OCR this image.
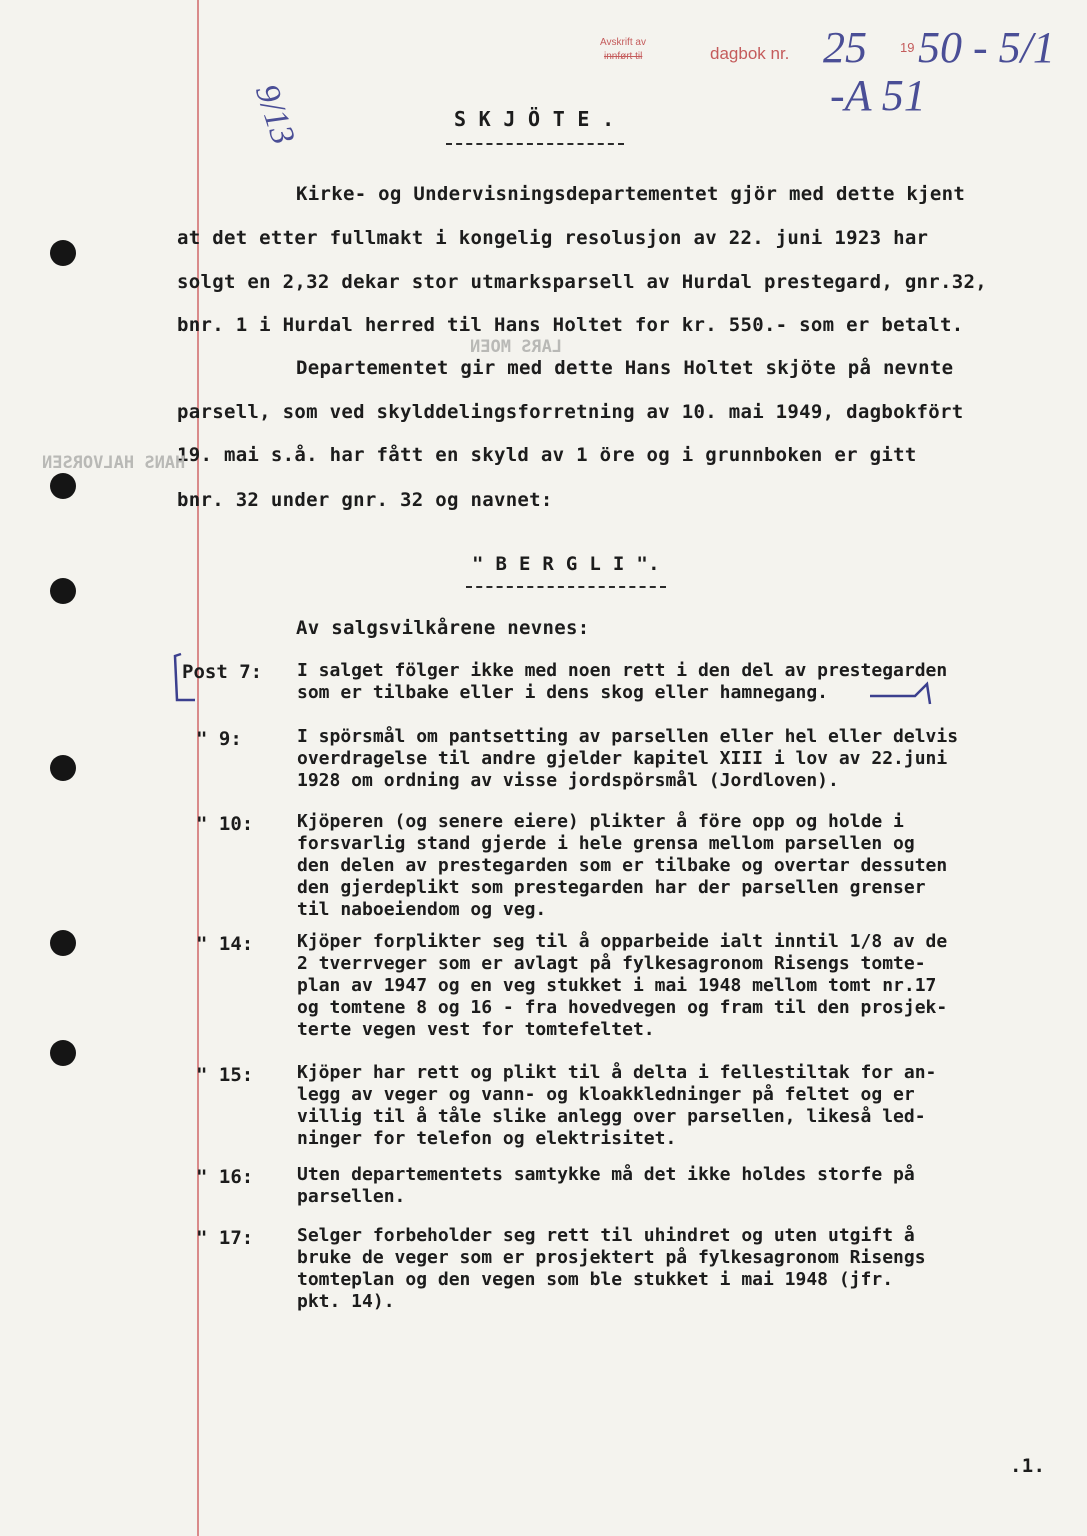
Avskrift av
innført til	dagbok nr.	19
25 50 - 5/1
-A 51
9/13	S K J Ö T E .
Kirke- og Undervisningsdepartementet gjör med dette kjent
at det etter fullmakt i kongelig resolusjon av 22. juni 1923 har
solgt en 2,32 dekar stor utmarksparsell av Hurdal prestegard, gnr.32,
bnr. 1 i Hurdal herred til Hans Holtet for kr. 550.- som er betalt.
Departementet gir med dette Hans Holtet skjöte på nevnte
parsell, som ved skylddelingsforretning av 10. mai 1949, dagbokfört
19. mai s.å. har fått en skyld av 1 öre og i grunnboken er gitt
bnr. 32 under gnr. 32 og navnet:
LARS MOEN
HANS HALVORSEN
" B E R G L I ".
Av salgsvilkårene nevnes:
Post 7: I salget fölger ikke med noen rett i den del av prestegarden
som er tilbake eller i dens skog eller hamnegang.
" 9:	I spörsmål om pantsetting av parsellen eller hel eller delvis
overdragelse til andre gjelder kapitel XIII i lov av 22.juni
1928 om ordning av visse jordspörsmål (Jordloven).
" 10: Kjöperen (og senere eiere) plikter å före opp og holde i
forsvarlig stand gjerde i hele grensa mellom parsellen og
den delen av prestegarden som er tilbake og overtar dessuten
den gjerdeplikt som prestegarden har der parsellen grenser
til naboeiendom og veg.
" 14: Kjöper forplikter seg til å opparbeide ialt inntil 1/8 av de
2 tverrveger som er avlagt på fylkesagronom Risengs tomte-
plan av 1947 og en veg stukket i mai 1948 mellom tomt nr.17
og tomtene 8 og 16 - fra hovedvegen og fram til den prosjek-
terte vegen vest for tomtefeltet.
" 15: Kjöper har rett og plikt til å delta i fellestiltak for an-
legg av veger og vann- og kloakkledninger på feltet og er
villig til å tåle slike anlegg over parsellen, likeså led-
ninger for telefon og elektrisitet.
" 16: Uten departementets samtykke må det ikke holdes storfe på
parsellen.
" 17: Selger forbeholder seg rett til uhindret og uten utgift å
bruke de veger som er prosjektert på fylkesagronom Risengs
tomteplan og den vegen som ble stukket i mai 1948 (jfr.
pkt. 14).
.1.
